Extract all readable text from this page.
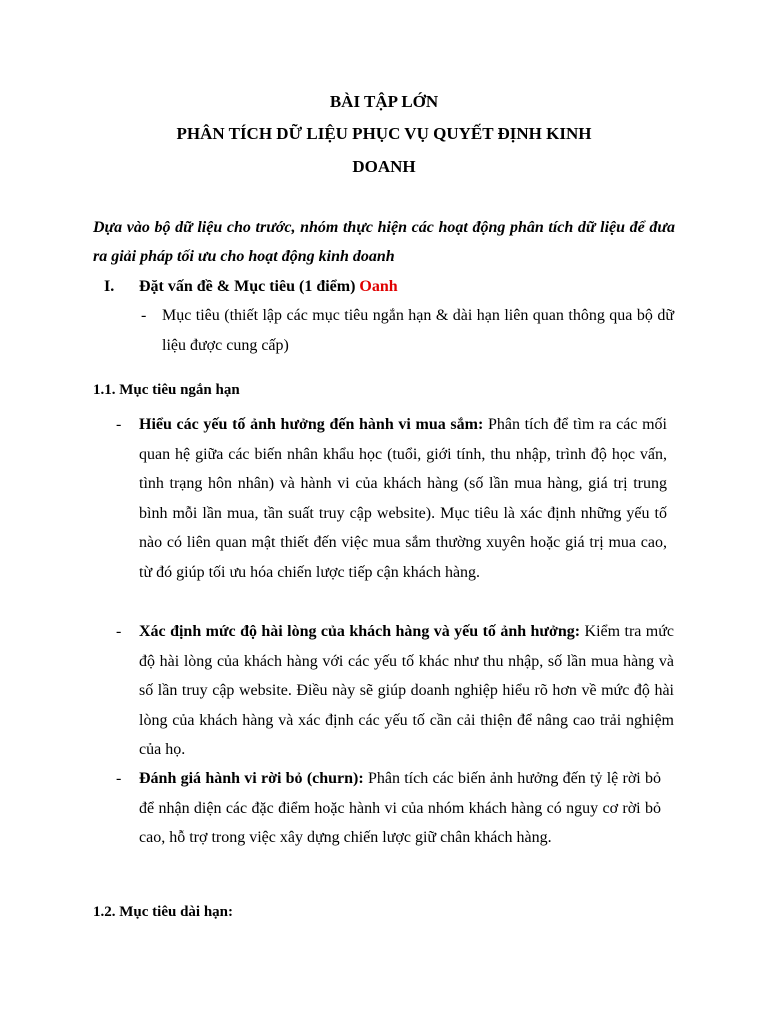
BÀI TẬP LỚN
PHÂN TÍCH DỮ LIỆU PHỤC VỤ QUYẾT ĐỊNH KINH
DOANH
Dựa vào bộ dữ liệu cho trước, nhóm thực hiện các hoạt động phân tích dữ liệu để đưa ra giải pháp tối ưu cho hoạt động kinh doanh
I. Đặt vấn đề & Mục tiêu (1 điểm) Oanh
- Mục tiêu (thiết lập các mục tiêu ngắn hạn & dài hạn liên quan thông qua bộ dữ liệu được cung cấp)
1.1. Mục tiêu ngắn hạn
- Hiểu các yếu tố ảnh hưởng đến hành vi mua sắm: Phân tích để tìm ra các mối quan hệ giữa các biến nhân khẩu học (tuổi, giới tính, thu nhập, trình độ học vấn, tình trạng hôn nhân) và hành vi của khách hàng (số lần mua hàng, giá trị trung bình mỗi lần mua, tần suất truy cập website). Mục tiêu là xác định những yếu tố nào có liên quan mật thiết đến việc mua sắm thường xuyên hoặc giá trị mua cao, từ đó giúp tối ưu hóa chiến lược tiếp cận khách hàng.
- Xác định mức độ hài lòng của khách hàng và yếu tố ảnh hưởng: Kiểm tra mức độ hài lòng của khách hàng với các yếu tố khác như thu nhập, số lần mua hàng và số lần truy cập website. Điều này sẽ giúp doanh nghiệp hiểu rõ hơn về mức độ hài lòng của khách hàng và xác định các yếu tố cần cải thiện để nâng cao trải nghiệm của họ.
- Đánh giá hành vi rời bỏ (churn): Phân tích các biến ảnh hưởng đến tỷ lệ rời bỏ để nhận diện các đặc điểm hoặc hành vi của nhóm khách hàng có nguy cơ rời bỏ cao, hỗ trợ trong việc xây dựng chiến lược giữ chân khách hàng.
1.2. Mục tiêu dài hạn:
